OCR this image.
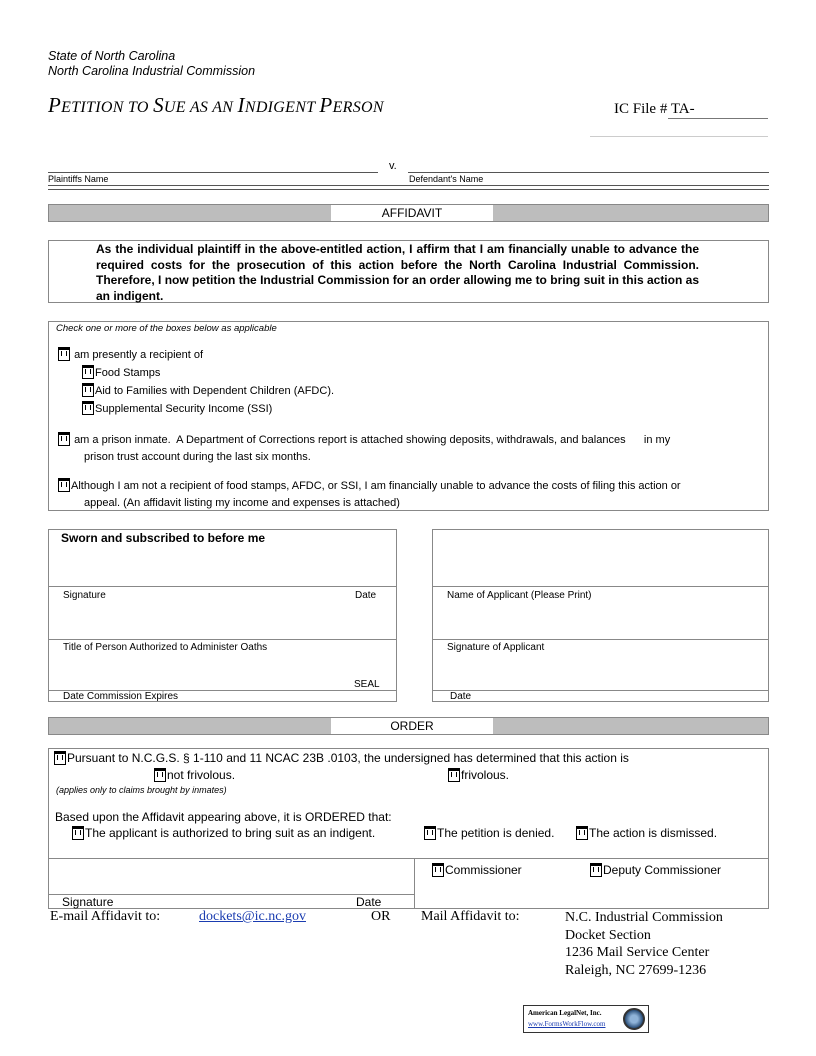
State of North Carolina
North Carolina Industrial Commission
PETITION TO SUE AS AN INDIGENT PERSON	IC File # TA-
v.
Plaintiffs Name	Defendant's Name
AFFIDAVIT
As the individual plaintiff in the above-entitled action, I affirm that I am financially unable to advance the required costs for the prosecution of this action before the North Carolina Industrial Commission. Therefore, I now petition the Industrial Commission for an order allowing me to bring suit in this action as an indigent.
Check one or more of the boxes below as applicable
am presently a recipient of
Food Stamps
Aid to Families with Dependent Children (AFDC).
Supplemental Security Income (SSI)
am a prison inmate.  A Department of Corrections report is attached showing deposits, withdrawals, and balances      in my
prison trust account during the last six months.
Although I am not a recipient of food stamps, AFDC, or SSI, I am financially unable to advance the costs of filing this action or
appeal. (An affidavit listing my income and expenses is attached)
Sworn and subscribed to before me
Signature	Date
Title of Person Authorized to Administer Oaths
SEAL
Date Commission Expires
Name of Applicant (Please Print)
Signature of Applicant
Date
ORDER
Pursuant to N.C.G.S. § 1-110 and 11 NCAC 23B .0103, the undersigned has determined that this action is
not frivolous.	frivolous.
(applies only to claims brought by inmates)
Based upon the Affidavit appearing above, it is ORDERED that:
The applicant is authorized to bring suit as an indigent.	The petition is denied.	The action is dismissed.
Signature	Date
Commissioner	Deputy Commissioner
E-mail Affidavit to:	dockets@ic.nc.gov	OR Mail Affidavit to:	N.C. Industrial Commission
Docket Section
1236 Mail Service Center
Raleigh, NC 27699-1236
American LegalNet, Inc.
www.FormsWorkFlow.com
